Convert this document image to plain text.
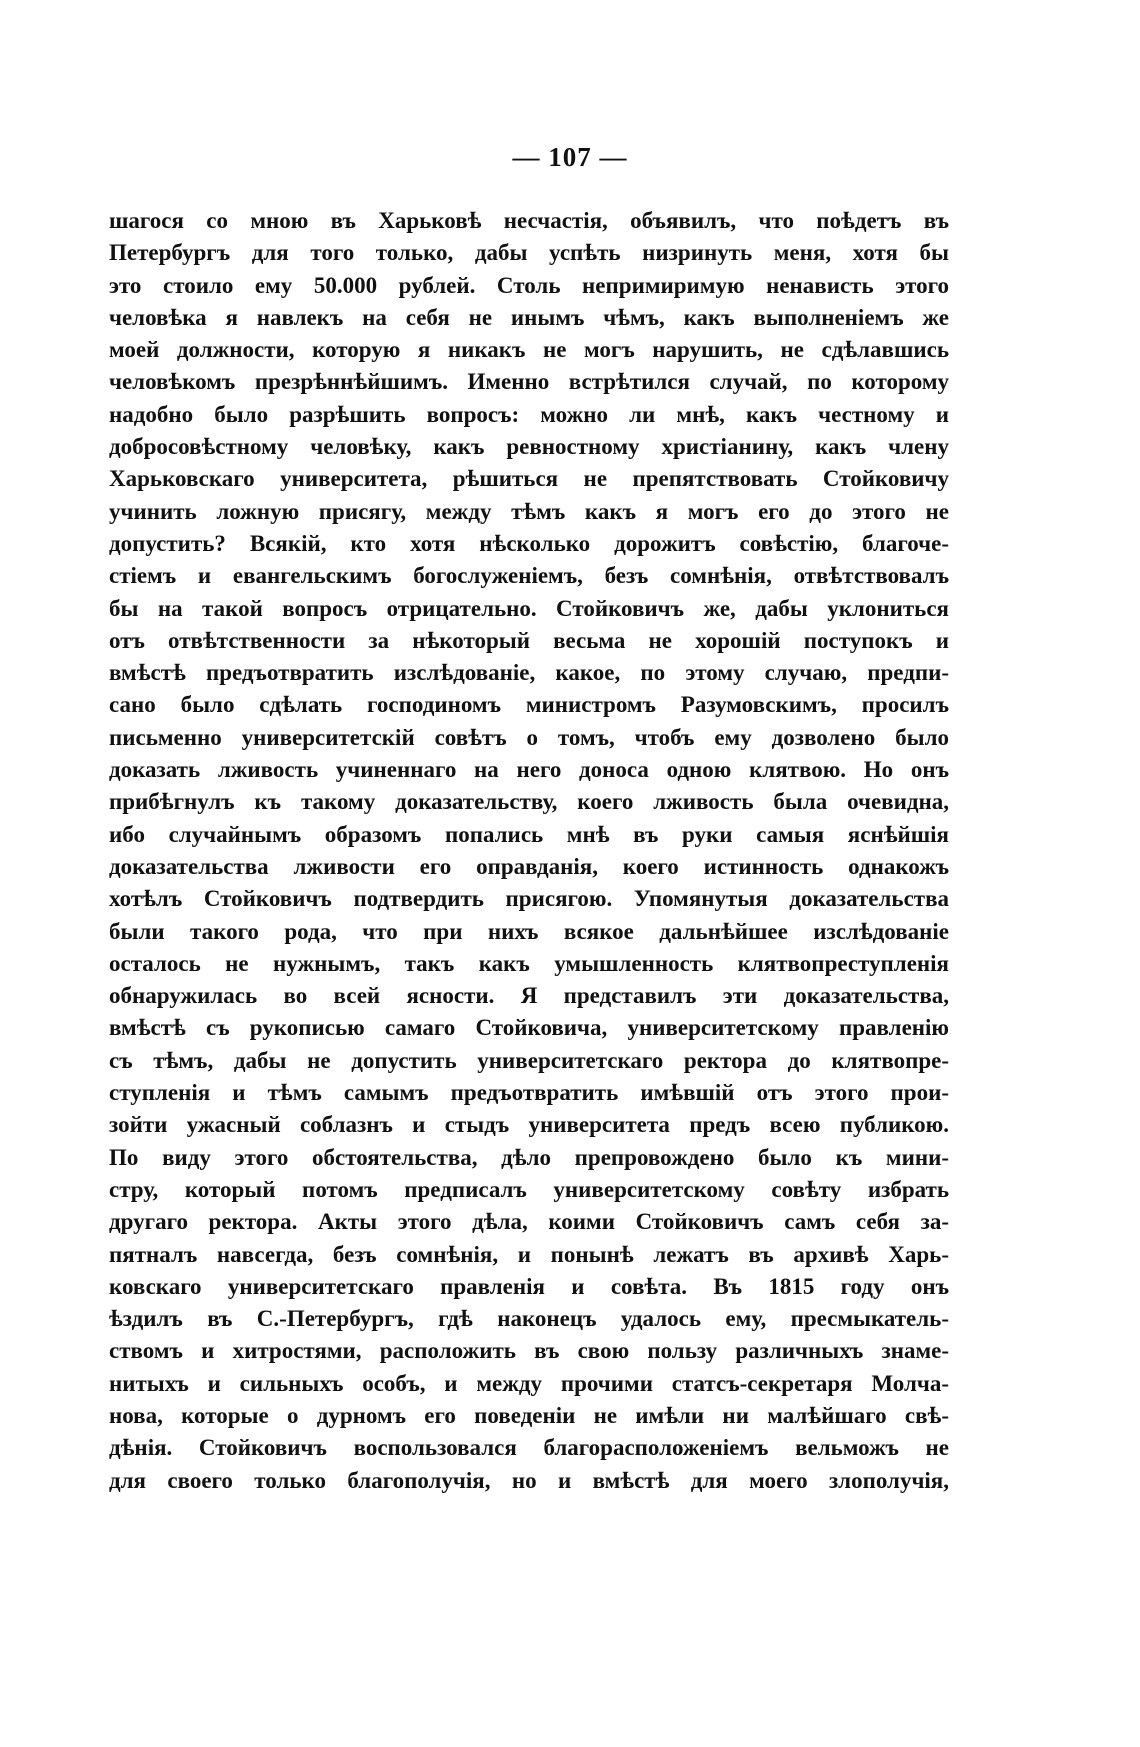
— 107 —
шагося со мною въ Харьковѣ несчастія, объявилъ, что поѣдетъ въ
Петербургъ для того только, дабы успѣть низринуть меня, хотя бы
это стоило ему 50.000 рублей. Столь непримиримую ненависть этого
человѣка я навлекъ на себя не инымъ чѣмъ, какъ выполненіемъ же
моей должности, которую я никакъ не могъ нарушить, не сдѣлавшись
человѣкомъ презрѣннѣйшимъ. Именно встрѣтился случай, по которому
надобно было разрѣшить вопросъ: можно ли мнѣ, какъ честному и
добросовѣстному человѣку, какъ ревностному христіанину, какъ члену
Харьковскаго университета, рѣшиться не препятствовать Стойковичу
учинить ложную присягу, между тѣмъ какъ я могъ его до этого не
допустить? Всякій, кто хотя нѣсколько дорожитъ совѣстію, благоче-
стіемъ и евангельскимъ богослуженіемъ, безъ сомнѣнія, отвѣтствовалъ
бы на такой вопросъ отрицательно. Стойковичъ же, дабы уклониться
отъ отвѣтственности за нѣкоторый весьма не хорошій поступокъ и
вмѣстѣ предъотвратить изслѣдованіе, какое, по этому случаю, предпи-
сано было сдѣлать господиномъ министромъ Разумовскимъ, просилъ
письменно университетскій совѣтъ о томъ, чтобъ ему дозволено было
доказать лживость учиненнаго на него доноса одною клятвою. Но онъ
прибѣгнулъ къ такому доказательству, коего лживость была очевидна,
ибо случайнымъ образомъ попались мнѣ въ руки самыя яснѣйшія
доказательства лживости его оправданія, коего истинность однакожъ
хотѣлъ Стойковичъ подтвердить присягою. Упомянутыя доказательства
были такого рода, что при нихъ всякое дальнѣйшее изслѣдованіе
осталось не нужнымъ, такъ какъ умышленность клятвопреступленія
обнаружилась во всей ясности. Я представилъ эти доказательства,
вмѣстѣ съ рукописью самаго Стойковича, университетскому правленію
съ тѣмъ, дабы не допустить университетскаго ректора до клятвопре-
ступленія и тѣмъ самымъ предъотвратить имѣвшій отъ этого прои-
зойти ужасный соблазнъ и стыдъ университета предъ всею публикою.
По виду этого обстоятельства, дѣло препровождено было къ мини-
стру, который потомъ предписалъ университетскому совѣту избрать
другаго ректора. Акты этого дѣла, коими Стойковичъ самъ себя за-
пятналъ навсегда, безъ сомнѣнія, и понынѣ лежатъ въ архивѣ Харь-
ковскаго университетскаго правленія и совѣта. Въ 1815 году онъ
ѣздилъ въ С.-Петербургъ, гдѣ наконецъ удалось ему, пресмыкатель-
ствомъ и хитростями, расположить въ свою пользу различныхъ знаме-
нитыхъ и сильныхъ особъ, и между прочими статсъ-секретаря Молча-
нова, которые о дурномъ его поведеніи не имѣли ни малѣйшаго свѣ-
дѣнія. Стойковичъ воспользовался благорасположеніемъ вельможъ не
для своего только благополучія, но и вмѣстѣ для моего злополучія,
